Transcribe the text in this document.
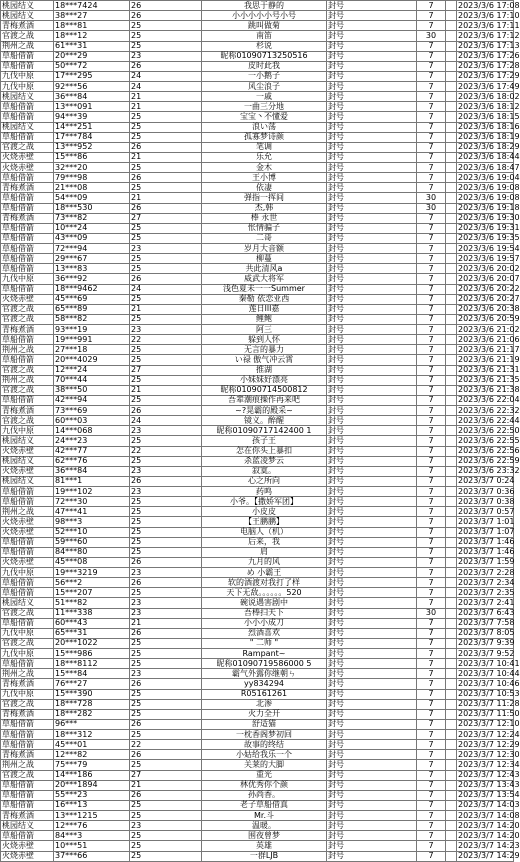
桃园结义	18***7424	26	我思于静的	封号	7		2023/3/6 17:08
桃园结义	38***27	26	小小小小小号小号	封号	7		2023/3/6 17:10
青梅煮酒	18***81	25	跳叫做菊	封号	7		2023/3/6 17:11
官渡之战	18***12	25	南笛	封号	30		2023/3/6 17:12
荆州之战	61***31	25	杉说	封号	7		2023/3/6 17:13
草船借箭	20***29	23	昵称01090713250516	封号	7		2023/3/6 17:26
草船借箭	50***72	26	皮时此我	封号	7		2023/3/6 17:28
九伐中原	17***295	24	一小鹅子	封号	7		2023/3/6 17:29
九伐中原	92***56	24	风尘浪子	封号	7		2023/3/6 17:49
桃园结义	36***84	21	一戚	封号	7		2023/3/6 18:02
草船借箭	13***091	21	一曲三分地	封号	7		2023/3/6 18:12
草船借箭	94***39	25	宝宝丶不懂爱	封号	7		2023/3/6 18:15
桃园结义	14***251	25	浪い荡	封号	7		2023/3/6 18:16
草船借箭	17***784	25	孤寡梦诗颜	封号	7		2023/3/6 18:19
官渡之战	13***952	26	笔调	封号	7		2023/3/6 18:29
火烧赤壁	15***86	21	乐允	封号	7		2023/3/6 18:44
火烧赤壁	32***20	25	金木	封号	7		2023/3/6 18:47
草船借箭	79***98	26	王小博	封号	7		2023/3/6 19:04
青梅煮酒	21***08	25	依凄	封号	7		2023/3/6 19:08
草船借箭	54***09	21	弹指一挥间	封号	30		2023/3/6 19:08
草船借箭	18***530	26	杰,韩	封号	30		2023/3/6 19:18
青梅煮酒	73***82	27	棒 永世	封号	7		2023/3/6 19:30
草船借箭	10***24	25	怅情骗子	封号	7		2023/3/6 19:31
草船借箭	43***09	25	二哥	封号	7		2023/3/6 19:35
草船借箭	72***94	23	岁月大音额	封号	7		2023/3/6 19:54
草船借箭	29***67	25	柳蔓	封号	7		2023/3/6 19:57
草船借箭	13***83	25	共此清风a	封号	7		2023/3/6 20:02
九伐中原	36***92	26	威武大将军	封号	7		2023/3/6 20:07
草船借箭	18***9462	24	浅色夏未一一Summer	封号	7		2023/3/6 20:22
火烧赤壁	45***69	25	秦勒 依恋亚西	封号	7		2023/3/6 20:27
官渡之战	65***89	21	莲日lll嘉	封号	7		2023/3/6 20:38
官渡之战	58***82	25	鲤鲍	封号	7		2023/3/6 20:59
青梅煮酒	93***19	23	阿三	封号	7		2023/3/6 21:02
草船借箭	19***991	22	躲到人怀	封号	7		2023/3/6 21:06
荆州之战	27***18	25	无言的暴力	封号	7		2023/3/6 21:17
草船借箭	20***4029	25	い禄 傲气冲云霄	封号	7		2023/3/6 21:19
官渡之战	12***24	27	推湖	封号	7		2023/3/6 21:31
荆州之战	70***44	25	小妹妹好漂亮	封号	7		2023/3/6 21:35
官渡之战	38***50	21	昵称01090714500812	封号	7		2023/3/6 21:38
草船借箭	42***94	25	吾辈潮痕操作再来吧	封号	7		2023/3/6 22:04
青梅煮酒	73***69	26	~?晃霸的殿采~	封号	7		2023/3/6 22:32
官渡之战	60***03	24	镜义。醉醒	封号	7		2023/3/6 22:44
九伐中原	14***068	23	昵称01090717142400 1	封号	7		2023/3/6 22:50
桃园结义	24***23	25	孩子王	封号	7		2023/3/6 22:55
火烧赤壁	42***77	22	怎在你头上暴扣	封号	7		2023/3/6 22:56
桃园结义	62***76	25	杀蓝凌梦云	封号	7		2023/3/6 22:59
火烧赤壁	36***84	23	寂寞。	封号	7		2023/3/6 23:32
桃园结义	81***1	26	心之所向	封号	7		2023/3/7 0:24
草船借箭	19***102	23	药鸣	封号	7		2023/3/7 0:36
草船借箭	72***30	25	小爷。【撒娇军团】	封号	7		2023/3/7 0:38
荆州之战	47***41	25	小皮皮	封号	7		2023/3/7 0:57
火烧赤壁	98***3	25	【王鹏鹏】	封号	7		2023/3/7 1:01
火烧赤壁	52***10	25	电脑人（机）	封号	7		2023/3/7 1:07
草船借箭	59***60	25	后来，我	封号	7		2023/3/7 1:46
草船借箭	84***80	25	肩	封号	7		2023/3/7 1:46
火烧赤壁	45***08	26	九月的风	封号	7		2023/3/7 1:59
九伐中原	19***3219	23	め 小霸王	封号	7		2023/3/7 2:28
草船借箭	56***2	26	软的酒渡对我打了样	封号	7		2023/3/7 2:34
草船借箭	15***207	25	天下无敌。。。。。。520	封号	7		2023/3/7 2:35
桃园结义	51***82	23	碗说遇害剧中	封号	7		2023/3/7 2:41
官渡之战	11***338	23	吾棒扫天下	封号	30		2023/3/7 6:43
草船借箭	60***43	21	小小小成刀	封号	7		2023/3/7 7:58
九伐中原	65***31	26	烈酒喜欢	封号	7		2023/3/7 8:05
官渡之战	20***1022	25	" 二师 "	封号	7		2023/3/7 9:39
九伐中原	15***986	25	Rampant~	封号	7		2023/3/7 9:52
草船借箭	18***8112	25	昵称01090719586000 5	封号	7		2023/3/7 10:41
荆州之战	15***84	23	霸气外露你继朝ㄣ	封号	7		2023/3/7 10:44
青梅煮酒	76***27	26	yy834294	封号	7		2023/3/7 10:46
九伐中原	15***390	25	R05161261	封号	7		2023/3/7 10:53
官渡之战	18***728	25	北渗	封号	7		2023/3/7 11:28
青梅煮酒	18***282	25	火力全开	封号	7		2023/3/7 11:50
草船借箭	96***	26	舒适猫	封号	7		2023/3/7 12:10
草船借箭	18***312	25	一枕香阁梦初回	封号	7		2023/3/7 12:24
草船借箭	45***01	22	故事的终结	封号	7		2023/3/7 12:29
青梅煮酒	12***82	26	小姑给我乐一个	封号	7		2023/3/7 12:30
荆州之战	75***79	25	关莱的大脚	封号	7		2023/3/7 12:34
官渡之战	14***186	27	重光	封号	7		2023/3/7 12:43
草船借箭	20***1894	21	林优秀你个颜	封号	7		2023/3/7 13:43
草船借箭	55***23	26	孙尚香。	封号	7		2023/3/7 13:54
草船借箭	16***13	25	老子草船借真	封号	7		2023/3/7 14:03
青梅煮酒	13***1215	25	Mr.斗	封号	7		2023/3/7 14:08
桃园结义	12***76	23	温暖。	封号	7		2023/3/7 14:20
草船借箭	84***3	25	围夜曾梦	封号	7		2023/3/7 14:20
火烧赤壁	10***51	25	英雄	封号	7		2023/3/7 14:23
火烧赤壁	37***66	25	一群LJB	封号	7		2023/3/7 14:29
